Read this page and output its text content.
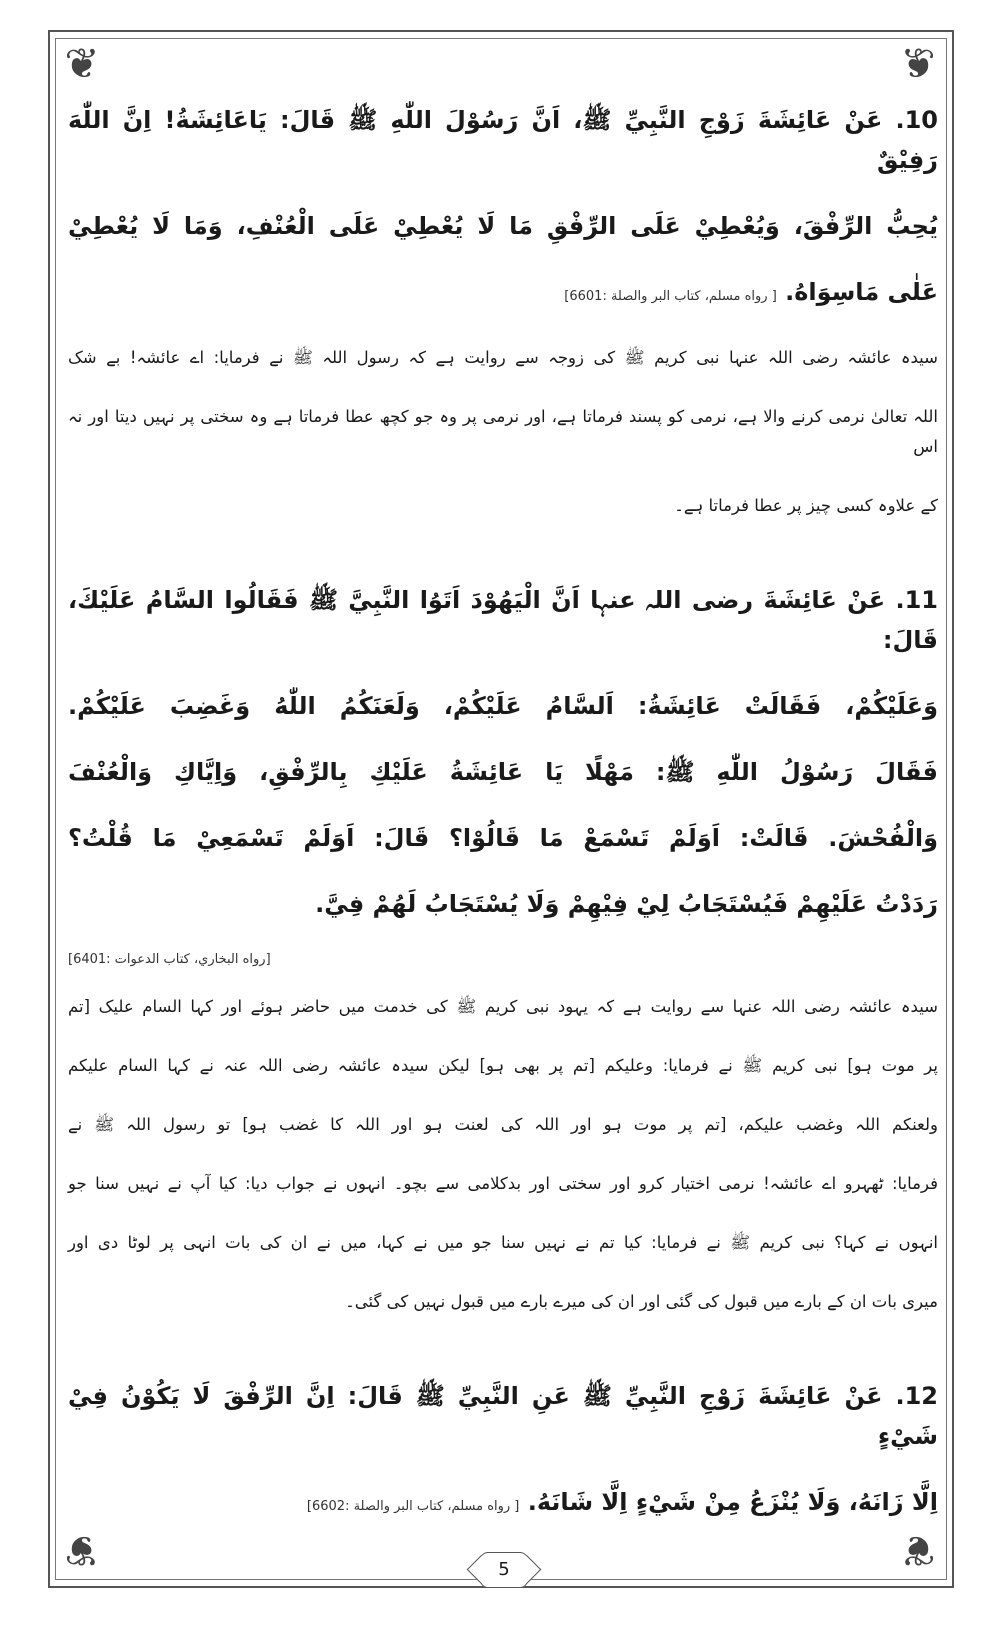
❦	❦
❦	❦
10. عَنْ عَائِشَةَ زَوْجِ النَّبِيِّ ﷺ، اَنَّ رَسُوْلَ اللّٰهِ ﷺ قَالَ: يَاعَائِشَةُ! اِنَّ اللّٰهَ رَفِيْقٌ
يُحِبُّ الرِّفْقَ، وَيُعْطِيْ عَلَى الرِّفْقِ مَا لَا يُعْطِيْ عَلَى الْعُنْفِ، وَمَا لَا يُعْطِيْ
عَلٰى مَاسِوَاهُ. [ رواه مسلم، كتاب البر والصلة :6601]
سیدہ عائشہ رضی اللہ عنہا نبی کریم ﷺ کی زوجہ سے روایت ہے کہ رسول اللہ ﷺ نے فرمایا: اے عائشہ! بے شک
اللہ تعالیٰ نرمی کرنے والا ہے، نرمی کو پسند فرماتا ہے، اور نرمی پر وہ جو کچھ عطا فرماتا ہے وہ سختی پر نہیں دیتا اور نہ اس
کے علاوہ کسی چیز پر عطا فرماتا ہے۔
11. عَنْ عَائِشَةَ رضی اللہ عنہا اَنَّ الْيَهُوْدَ اَتَوُا النَّبِيَّ ﷺ فَقَالُوا السَّامُ عَلَيْكَ، قَالَ:
وَعَلَيْكُمْ، فَقَالَتْ عَائِشَةُ: اَلسَّامُ عَلَيْكُمْ، وَلَعَنَكُمُ اللّٰهُ وَغَضِبَ عَلَيْكُمْ.
فَقَالَ رَسُوْلُ اللّٰهِ ﷺ: مَهْلًا يَا عَائِشَةُ عَلَيْكِ بِالرِّفْقِ، وَاِيَّاكِ وَالْعُنْفَ
وَالْفُحْشَ. قَالَتْ: اَوَلَمْ تَسْمَعْ مَا قَالُوْا؟ قَالَ: اَوَلَمْ تَسْمَعِيْ مَا قُلْتُ؟
رَدَدْتُ عَلَيْهِمْ فَيُسْتَجَابُ لِيْ فِيْهِمْ وَلَا يُسْتَجَابُ لَهُمْ فِيَّ.
[رواه البخاري، كتاب الدعوات :6401]
سیدہ عائشہ رضی اللہ عنہا سے روایت ہے کہ یہود نبی کریم ﷺ کی خدمت میں حاضر ہوئے اور کہا السام علیک [تم
پر موت ہو] نبی کریم ﷺ نے فرمایا: وعلیکم [تم پر بھی ہو] لیکن سیدہ عائشہ رضی اللہ عنہ نے کہا السام علیکم
ولعنکم اللہ وغضب علیکم، [تم پر موت ہو اور اللہ کی لعنت ہو اور اللہ کا غضب ہو] تو رسول اللہ ﷺ نے
فرمایا: ٹھہرو اے عائشہ! نرمی اختیار کرو اور سختی اور بدکلامی سے بچو۔ انہوں نے جواب دیا: کیا آپ نے نہیں سنا جو
انہوں نے کہا؟ نبی کریم ﷺ نے فرمایا: کیا تم نے نہیں سنا جو میں نے کہا، میں نے ان کی بات انہی پر لوٹا دی اور
میری بات ان کے بارے میں قبول کی گئی اور ان کی میرے بارے میں قبول نہیں کی گئی۔
12. عَنْ عَائِشَةَ زَوْجِ النَّبِيِّ ﷺ عَنِ النَّبِيِّ ﷺ قَالَ: اِنَّ الرِّفْقَ لَا يَكُوْنُ فِيْ شَيْءٍ
اِلَّا زَانَهُ، وَلَا يُنْزَعُ مِنْ شَيْءٍ اِلَّا شَانَهُ. [ رواه مسلم، كتاب البر والصلة :6602]
5
